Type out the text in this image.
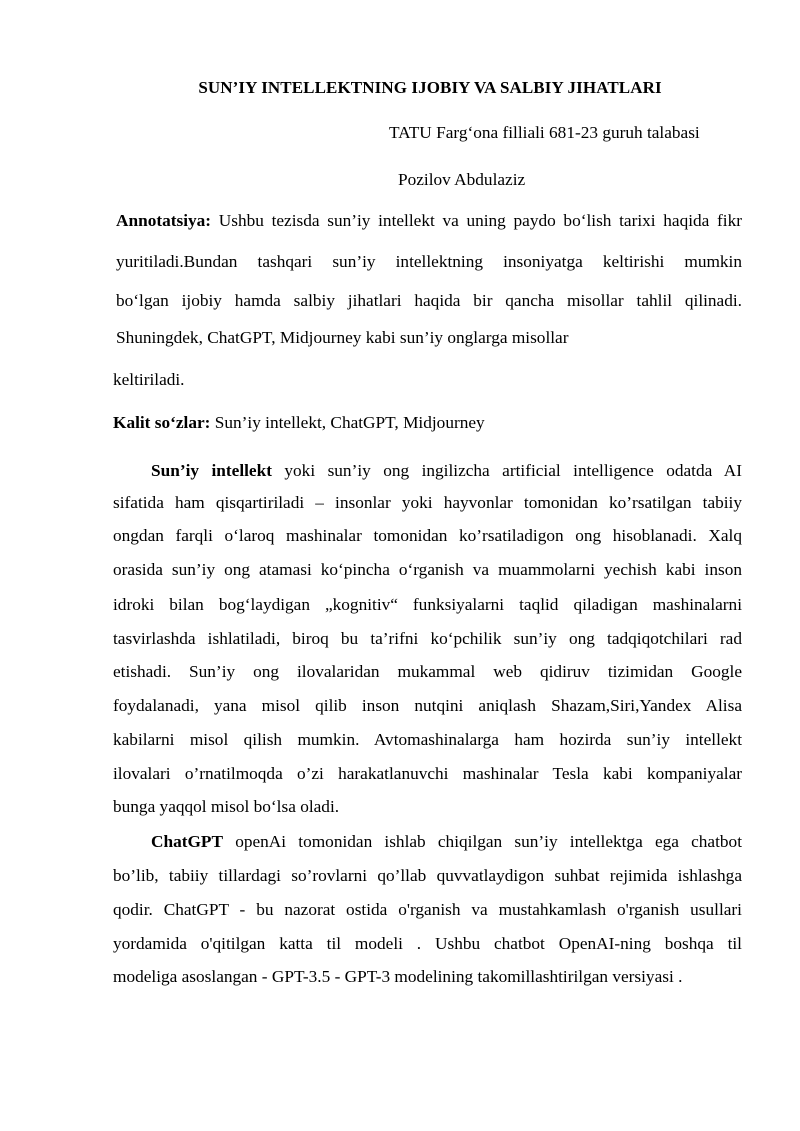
SUN’IY INTELLEKTNING IJOBIY VA SALBIY JIHATLARI
TATU Farg‘ona filliali 681-23 guruh talabasi
Pozilov Abdulaziz
Annotatsiya: Ushbu tezisda sun’iy intellekt va uning paydo bo‘lish tarixi haqida fikr
yuritiladi.Bundan tashqari sun’iy intellektning insoniyatga keltirishi mumkin
bo‘lgan ijobiy hamda salbiy jihatlari haqida bir qancha misollar tahlil qilinadi.
Shuningdek, ChatGPT, Midjourney kabi sun’iy onglarga misollar
keltiriladi.
Kalit so‘zlar: Sun’iy intellekt, ChatGPT, Midjourney
Sun’iy intellekt yoki sun’iy ong ingilizcha artificial intelligence odatda AI
sifatida ham qisqartiriladi – insonlar yoki hayvonlar tomonidan ko’rsatilgan tabiiy
ongdan farqli o‘laroq mashinalar tomonidan ko’rsatiladigon ong hisoblanadi. Xalq
orasida sun’iy ong atamasi ko‘pincha o‘rganish va muammolarni yechish kabi inson
idroki bilan bog‘laydigan „kognitiv“ funksiyalarni taqlid qiladigan mashinalarni
tasvirlashda ishlatiladi, biroq bu ta’rifni ko‘pchilik sun’iy ong tadqiqotchilari rad
etishadi. Sun’iy ong ilovalaridan mukammal web qidiruv tizimidan Google
foydalanadi, yana misol qilib inson nutqini aniqlash Shazam,Siri,Yandex Alisa
kabilarni misol qilish mumkin. Avtomashinalarga ham hozirda sun’iy intellekt
ilovalari o’rnatilmoqda o’zi harakatlanuvchi mashinalar Tesla kabi kompaniyalar
bunga yaqqol misol bo‘lsa oladi.
ChatGPT openAi tomonidan ishlab chiqilgan sun’iy intellektga ega chatbot
bo’lib, tabiiy tillardagi so’rovlarni qo’llab quvvatlaydigon suhbat rejimida ishlashga
qodir. ChatGPT - bu nazorat ostida o'rganish va mustahkamlash o'rganish usullari
yordamida o'qitilgan katta til modeli . Ushbu chatbot OpenAI-ning boshqa til
modeliga asoslangan - GPT-3.5 - GPT-3 modelining takomillashtirilgan versiyasi .
